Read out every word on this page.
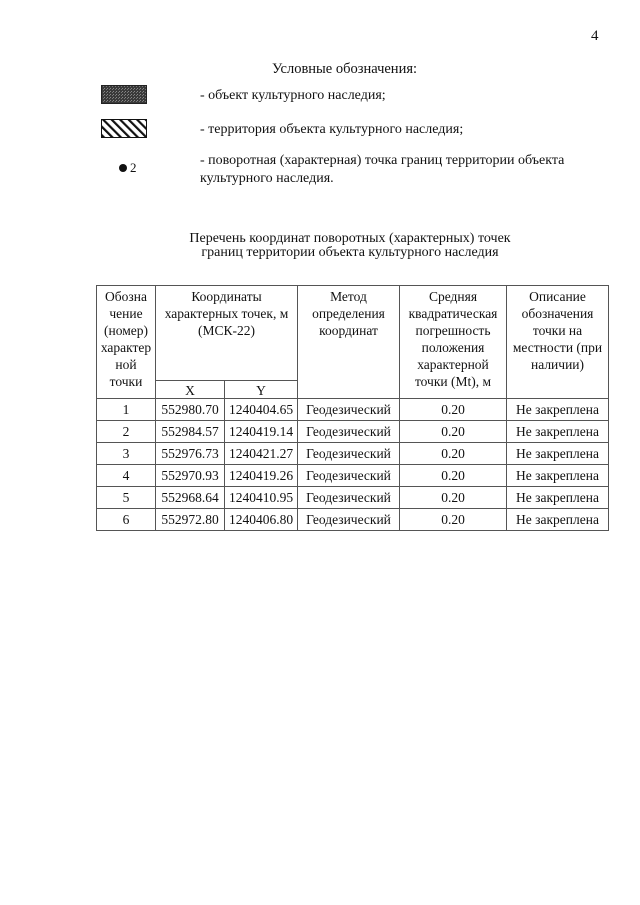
4
Условные обозначения:
2
- объект культурного наследия;
- территория объекта культурного наследия;
- поворотная (характерная) точка границ территории объекта культурного наследия.
Перечень координат поворотных (характерных) точек
границ территории объекта культурного наследия
Обозна чение (номер) характер ной точки	Координаты характерных точек, м (МСК-22)		Метод определения координат	Средняя квадратическая погрешность положения характерной точки (Mt), м	Описание обозначения точки на местности (при наличии)
	X	Y			
1	552980.70	1240404.65	Геодезический	0.20	Не закреплена
2	552984.57	1240419.14	Геодезический	0.20	Не закреплена
3	552976.73	1240421.27	Геодезический	0.20	Не закреплена
4	552970.93	1240419.26	Геодезический	0.20	Не закреплена
5	552968.64	1240410.95	Геодезический	0.20	Не закреплена
6	552972.80	1240406.80	Геодезический	0.20	Не закреплена
